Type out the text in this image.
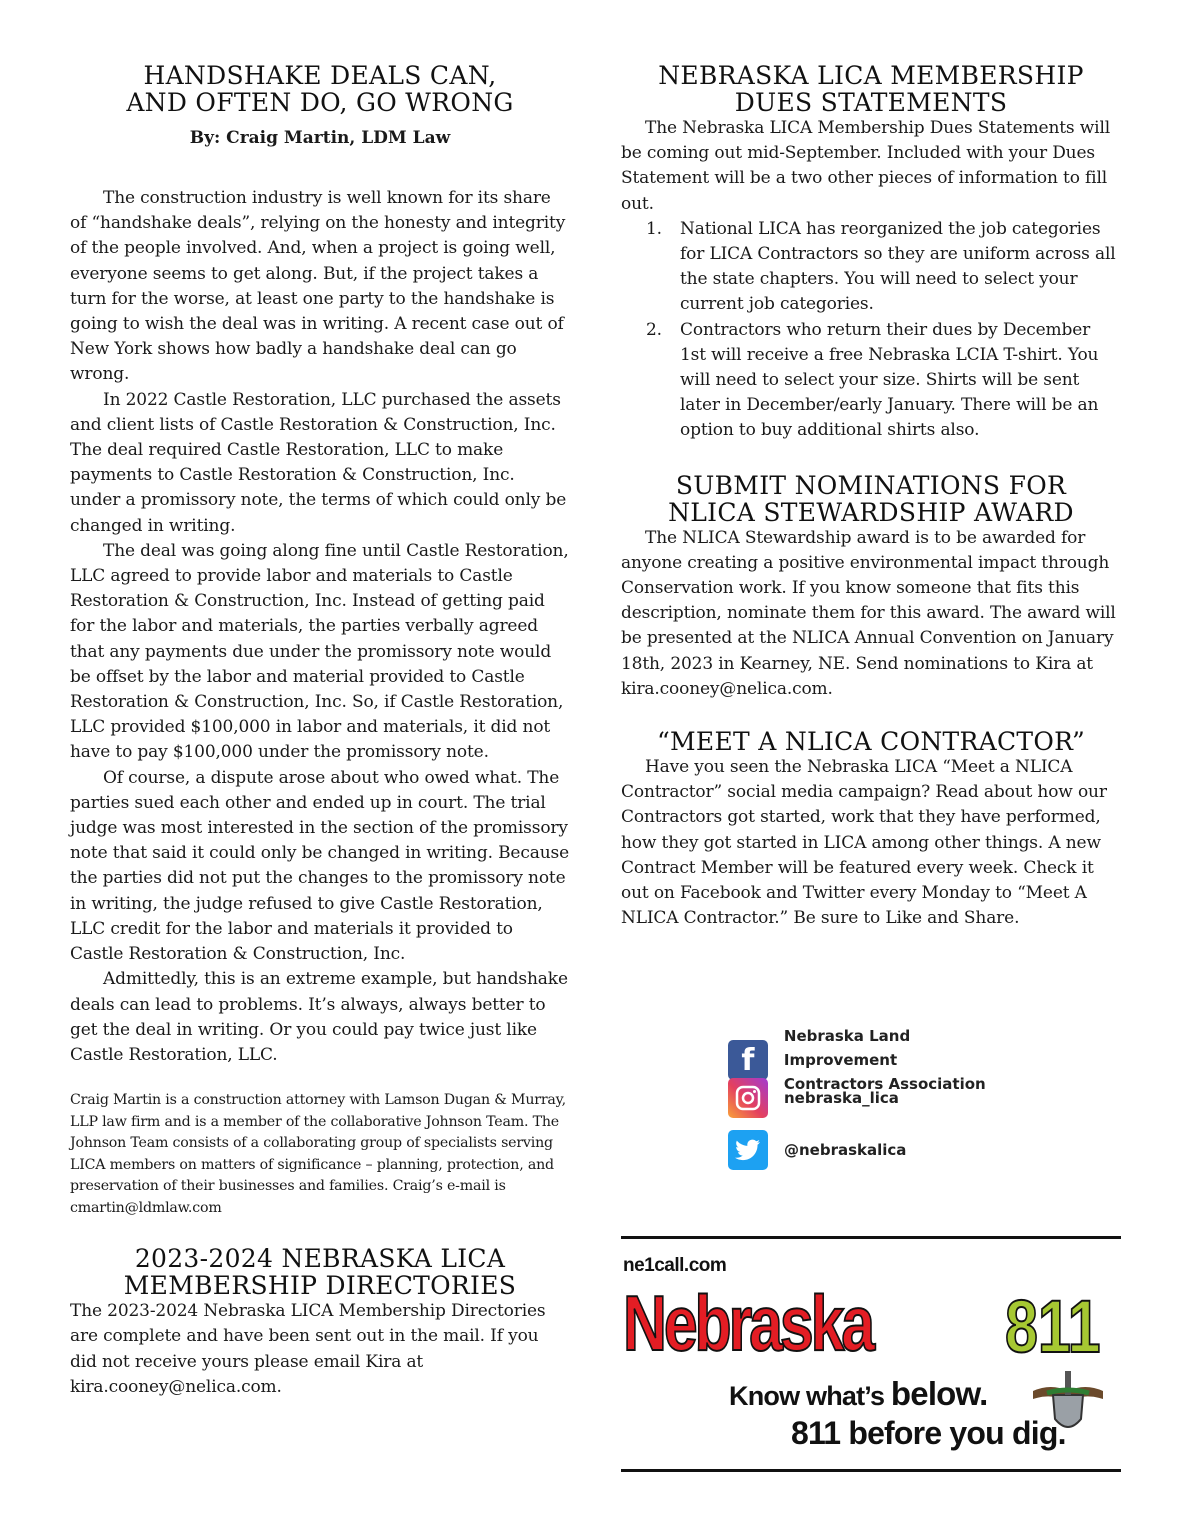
HANDSHAKE DEALS CAN,
AND OFTEN DO, GO WRONG

By: Craig Martin, LDM Law

The construction industry is well known for its share of “handshake deals”, relying on the honesty and integrity of the people involved. And, when a project is going well, everyone seems to get along. But, if the project takes a turn for the worse, at least one party to the handshake is going to wish the deal was in writing. A recent case out of New York shows how badly a handshake deal can go wrong.

In 2022 Castle Restoration, LLC purchased the assets and client lists of Castle Restoration & Construction, Inc. The deal required Castle Restoration, LLC to make payments to Castle Restoration & Construction, Inc. under a promissory note, the terms of which could only be changed in writing.

The deal was going along fine until Castle Restoration, LLC agreed to provide labor and materials to Castle Restoration & Construction, Inc. Instead of getting paid for the labor and materials, the parties verbally agreed that any payments due under the promissory note would be offset by the labor and material provided to Castle Restoration & Construction, Inc. So, if Castle Restoration, LLC provided $100,000 in labor and materials, it did not have to pay $100,000 under the promissory note.

Of course, a dispute arose about who owed what. The parties sued each other and ended up in court. The trial judge was most interested in the section of the promissory note that said it could only be changed in writing. Because the parties did not put the changes to the promissory note in writing, the judge refused to give Castle Restoration, LLC credit for the labor and materials it provided to Castle Restoration & Construction, Inc.

Admittedly, this is an extreme example, but handshake deals can lead to problems. It’s always, always better to get the deal in writing. Or you could pay twice just like Castle Restoration, LLC.

Craig Martin is a construction attorney with Lamson Dugan & Murray, LLP law firm and is a member of the collaborative Johnson Team. The Johnson Team consists of a collaborating group of specialists serving LICA members on matters of significance – planning, protection, and preservation of their businesses and families. Craig’s e-mail is cmartin@ldmlaw.com

2023-2024 NEBRASKA LICA
MEMBERSHIP DIRECTORIES

The 2023-2024 Nebraska LICA Membership Directories are complete and have been sent out in the mail. If you did not receive yours please email Kira at kira.cooney@nelica.com.

NEBRASKA LICA MEMBERSHIP
DUES STATEMENTS

The Nebraska LICA Membership Dues Statements will be coming out mid-September. Included with your Dues Statement will be a two other pieces of information to fill out.

1. National LICA has reorganized the job categories for LICA Contractors so they are uniform across all the state chapters. You will need to select your current job categories.
2. Contractors who return their dues by December 1st will receive a free Nebraska LCIA T-shirt. You will need to select your size. Shirts will be sent later in December/early January. There will be an option to buy additional shirts also.
SUBMIT NOMINATIONS FOR
NLICA STEWARDSHIP AWARD

The NLICA Stewardship award is to be awarded for anyone creating a positive environmental impact through Conservation work. If you know someone that fits this description, nominate them for this award. The award will be presented at the NLICA Annual Convention on January 18th, 2023 in Kearney, NE. Send nominations to Kira at kira.cooney@nelica.com.

“MEET A NLICA CONTRACTOR”

Have you seen the Nebraska LICA “Meet a NLICA Contractor” social media campaign? Read about how our Contractors got started, work that they have performed, how they got started in LICA among other things. A new Contract Member will be featured every week. Check it out on Facebook and Twitter every Monday to “Meet A NLICA Contractor.” Be sure to Like and Share.

f
Nebraska Land Improvement
Contractors Association
nebraska_lica
@nebraskalica
ne1call.com
Nebraska 811
Know what’s below.
811 before you dig.
